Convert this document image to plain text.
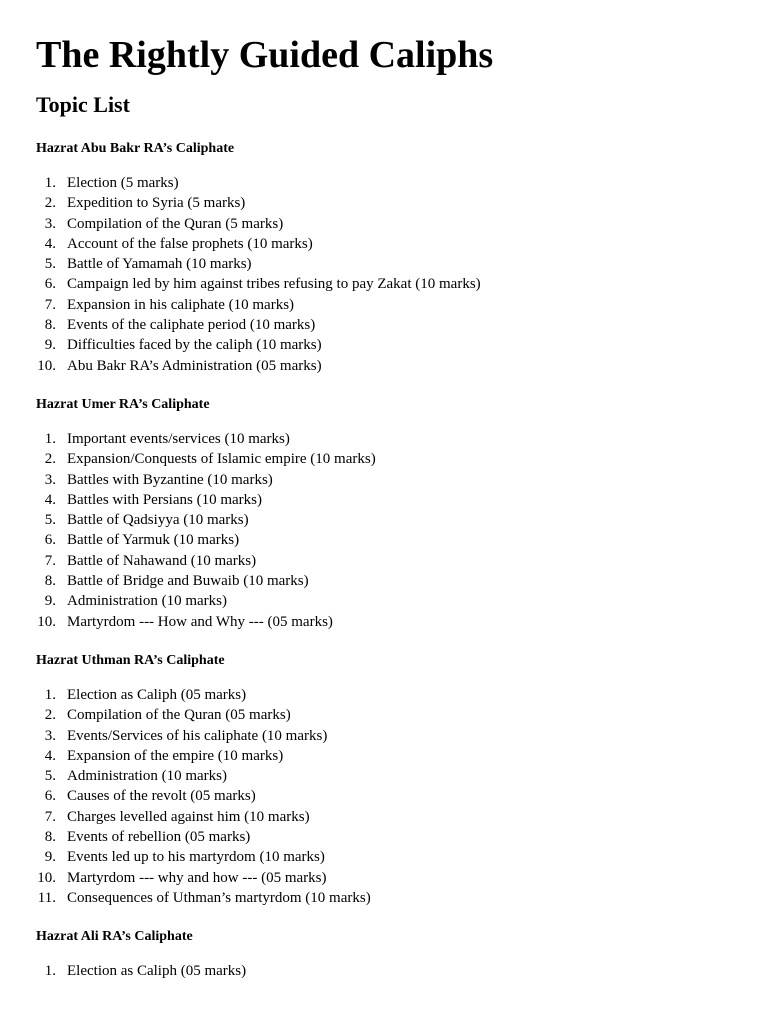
The Rightly Guided Caliphs
Topic List
Hazrat Abu Bakr RA’s Caliphate
1. Election (5 marks)
2. Expedition to Syria (5 marks)
3. Compilation of the Quran (5 marks)
4. Account of the false prophets (10 marks)
5. Battle of Yamamah (10 marks)
6. Campaign led by him against tribes refusing to pay Zakat (10 marks)
7. Expansion in his caliphate (10 marks)
8. Events of the caliphate period (10 marks)
9. Difficulties faced by the caliph (10 marks)
10. Abu Bakr RA’s Administration (05 marks)
Hazrat Umer RA’s Caliphate
1. Important events/services (10 marks)
2. Expansion/Conquests of Islamic empire (10 marks)
3. Battles with Byzantine (10 marks)
4. Battles with Persians (10 marks)
5. Battle of Qadsiyya (10 marks)
6. Battle of Yarmuk (10 marks)
7. Battle of Nahawand (10 marks)
8. Battle of Bridge and Buwaib (10 marks)
9. Administration (10 marks)
10. Martyrdom --- How and Why --- (05 marks)
Hazrat Uthman RA’s Caliphate
1. Election as Caliph (05 marks)
2. Compilation of the Quran (05 marks)
3. Events/Services of his caliphate (10 marks)
4. Expansion of the empire (10 marks)
5. Administration (10 marks)
6. Causes of the revolt (05 marks)
7. Charges levelled against him (10 marks)
8. Events of rebellion (05 marks)
9. Events led up to his martyrdom (10 marks)
10. Martyrdom --- why and how --- (05 marks)
11. Consequences of Uthman’s martyrdom (10 marks)
Hazrat Ali RA’s Caliphate
1. Election as Caliph (05 marks)
